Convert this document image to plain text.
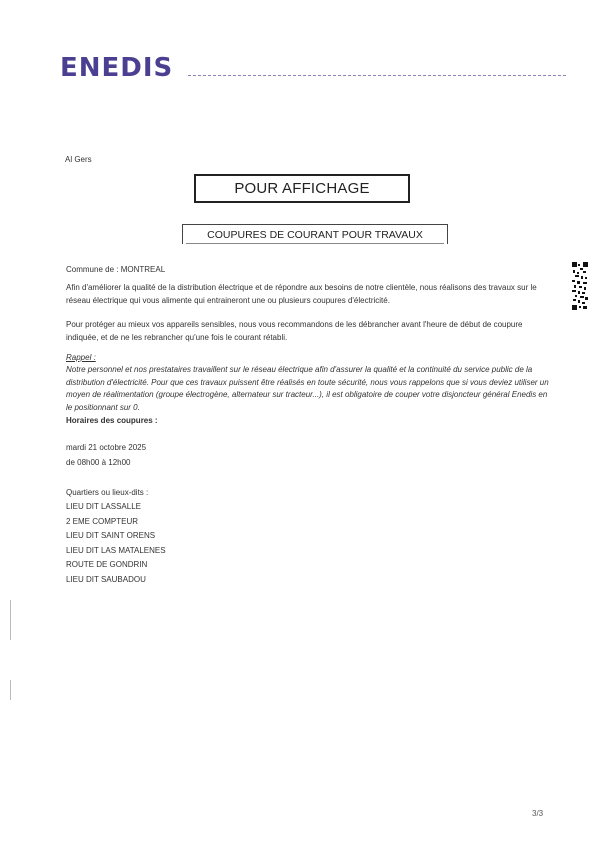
ENEDIS
Al Gers
POUR AFFICHAGE
COUPURES DE COURANT POUR TRAVAUX
Commune de : MONTREAL
Afin d'améliorer la qualité de la distribution électrique et de répondre aux besoins de notre clientèle, nous réalisons des travaux sur le réseau électrique qui vous alimente qui entraineront une ou plusieurs coupures d'électricité.
Pour protéger au mieux vos appareils sensibles, nous vous recommandons de les débrancher avant l'heure de début de coupure indiquée, et de ne les rebrancher qu'une fois le courant rétabli.
Rappel :
Notre personnel et nos prestataires travaillent sur le réseau électrique afin d'assurer la qualité et la continuité du service public de la distribution d'électricité. Pour que ces travaux puissent être réalisés en toute sécurité, nous vous rappelons que si vous deviez utiliser un moyen de réalimentation (groupe électrogène, alternateur sur tracteur...), il est obligatoire de couper votre disjoncteur général Enedis en le positionnant sur 0.
Horaires des coupures :
mardi 21 octobre 2025
de 08h00 à 12h00
Quartiers ou lieux-dits :
LIEU DIT LASSALLE
2 EME COMPTEUR
LIEU DIT SAINT ORENS
LIEU DIT LAS MATALENES
ROUTE DE GONDRIN
LIEU DIT SAUBADOU
3/3
